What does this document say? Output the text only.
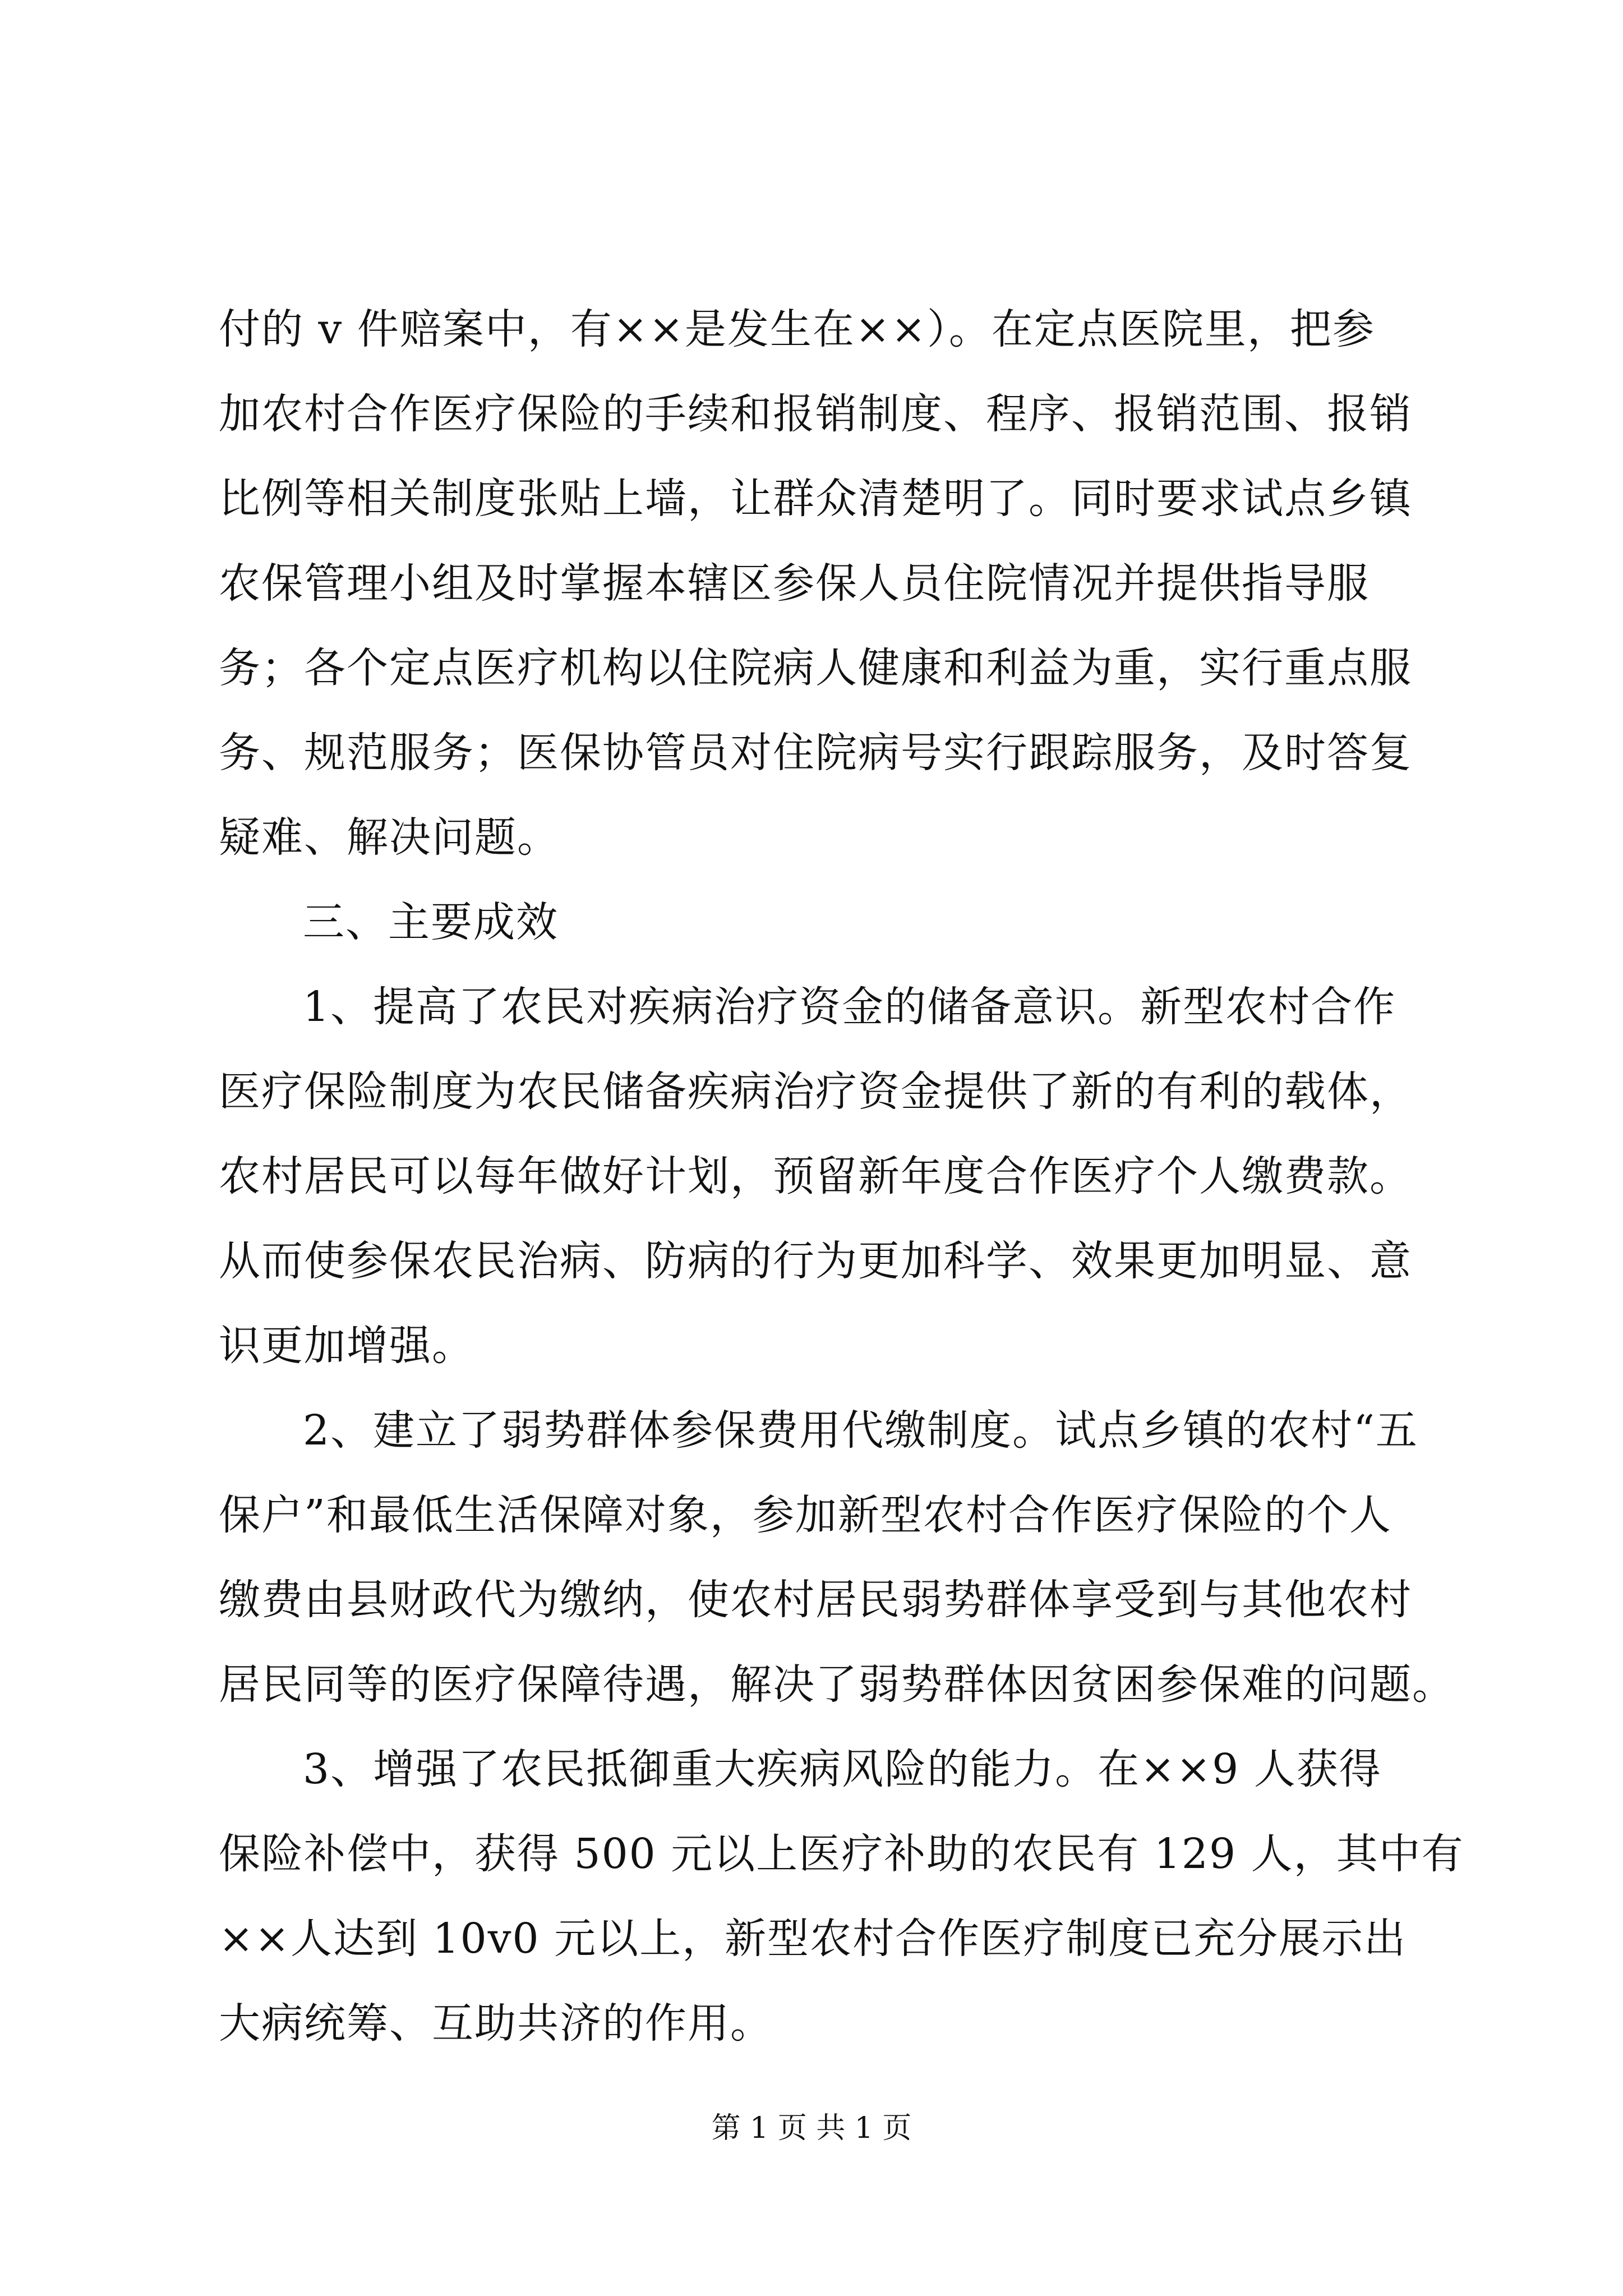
付的 v 件赔案中，有××是发生在××）。在定点医院里，把参
加农村合作医疗保险的手续和报销制度、程序、报销范围、报销
比例等相关制度张贴上墙，让群众清楚明了。同时要求试点乡镇
农保管理小组及时掌握本辖区参保人员住院情况并提供指导服
务；各个定点医疗机构以住院病人健康和利益为重，实行重点服
务、规范服务；医保协管员对住院病号实行跟踪服务，及时答复
疑难、解决问题。
三、主要成效
1、提高了农民对疾病治疗资金的储备意识。新型农村合作
医疗保险制度为农民储备疾病治疗资金提供了新的有利的载体，
农村居民可以每年做好计划，预留新年度合作医疗个人缴费款。
从而使参保农民治病、防病的行为更加科学、效果更加明显、意
识更加增强。
2、建立了弱势群体参保费用代缴制度。试点乡镇的农村“五
保户”和最低生活保障对象，参加新型农村合作医疗保险的个人
缴费由县财政代为缴纳，使农村居民弱势群体享受到与其他农村
居民同等的医疗保障待遇，解决了弱势群体因贫困参保难的问题。
3、增强了农民抵御重大疾病风险的能力。在××9 人获得
保险补偿中，获得 500 元以上医疗补助的农民有 129 人，其中有
××人达到 10v0 元以上，新型农村合作医疗制度已充分展示出
大病统筹、互助共济的作用。
第 1 页 共 1 页
